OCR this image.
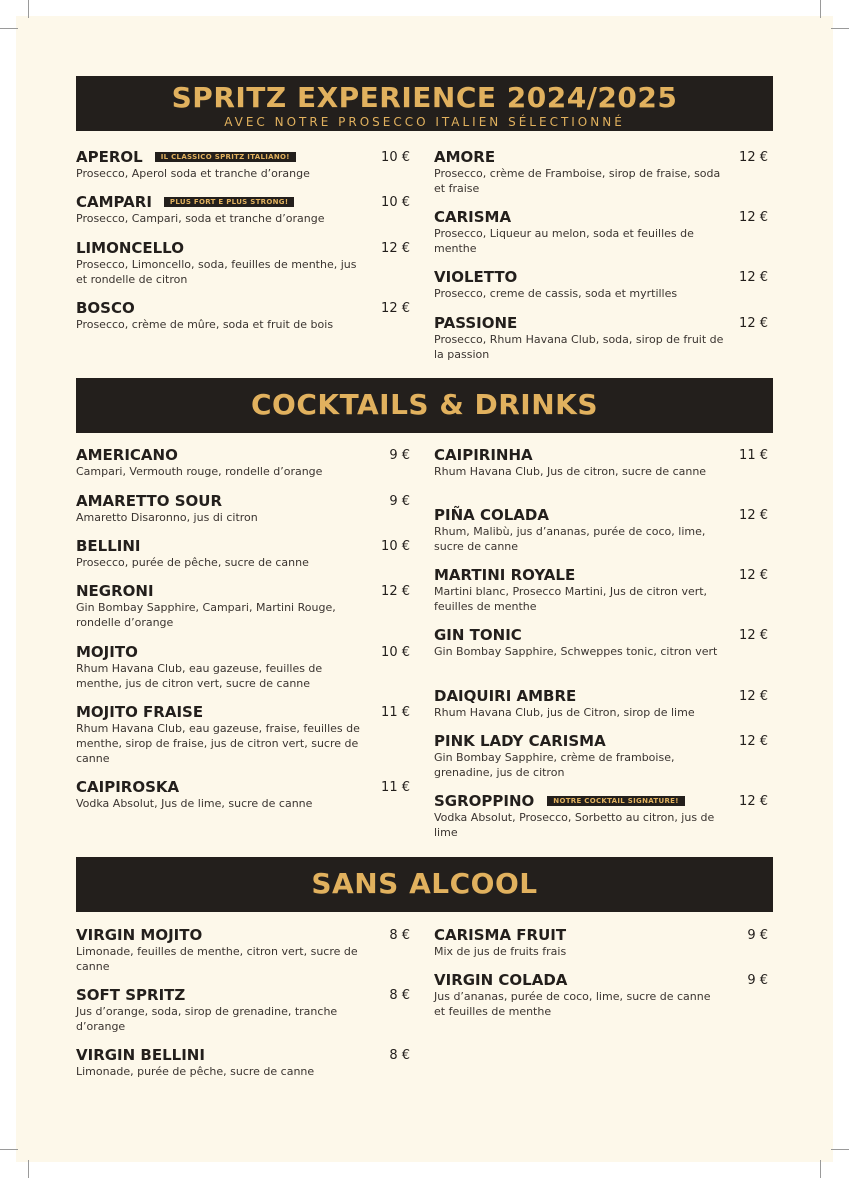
SPRITZ EXPERIENCE 2024/2025
AVEC NOTRE PROSECCO ITALIEN SÉLECTIONNÉ
APEROL	IL CLASSICO SPRITZ ITALIANO!	10 €
Prosecco, Aperol soda et tranche d’orange
CAMPARI	PLUS FORT E PLUS STRONG!	10 €
Prosecco, Campari, soda et tranche d’orange
LIMONCELLO	12 €
Prosecco, Limoncello, soda, feuilles de menthe, jus et rondelle de citron
BOSCO	12 €
Prosecco, crème de mûre, soda et fruit de bois
AMORE	12 €
Prosecco, crème de Framboise, sirop de fraise, soda et fraise
CARISMA	12 €
Prosecco, Liqueur au melon, soda et feuilles de menthe
VIOLETTO	12 €
Prosecco, creme de cassis, soda et myrtilles
PASSIONE	12 €
Prosecco, Rhum Havana Club, soda, sirop de fruit de la passion
COCKTAILS & DRINKS
AMERICANO	9 €
Campari, Vermouth rouge, rondelle d’orange
AMARETTO SOUR	9 €
Amaretto Disaronno, jus di citron
BELLINI	10 €
Prosecco, purée de pêche, sucre de canne
NEGRONI	12 €
Gin Bombay Sapphire, Campari, Martini Rouge, rondelle d’orange
MOJITO	10 €
Rhum Havana Club, eau gazeuse, feuilles de menthe, jus de citron vert, sucre de canne
MOJITO FRAISE	11 €
Rhum Havana Club, eau gazeuse, fraise, feuilles de menthe, sirop de fraise, jus de citron vert, sucre de canne
CAIPIROSKA	11 €
Vodka Absolut, Jus de lime, sucre de canne
CAIPIRINHA	11 €
Rhum Havana Club, Jus de citron, sucre de canne
PIÑA COLADA	12 €
Rhum, Malibù, jus d’ananas, purée de coco, lime, sucre de canne
MARTINI ROYALE	12 €
Martini blanc, Prosecco Martini, Jus de citron vert, feuilles de menthe
GIN TONIC	12 €
Gin Bombay Sapphire, Schweppes tonic, citron vert
DAIQUIRI AMBRE	12 €
Rhum Havana Club, jus de Citron, sirop de lime
PINK LADY CARISMA	12 €
Gin Bombay Sapphire, crème de framboise, grenadine, jus de citron
SGROPPINO	NOTRE COCKTAIL SIGNATURE!	12 €
Vodka Absolut, Prosecco, Sorbetto au citron, jus de lime
SANS ALCOOL
VIRGIN MOJITO	8 €
Limonade, feuilles de menthe, citron vert, sucre de canne
SOFT SPRITZ	8 €
Jus d’orange, soda, sirop de grenadine, tranche d’orange
VIRGIN BELLINI	8 €
Limonade, purée de pêche, sucre de canne
CARISMA FRUIT	9 €
Mix de jus de fruits frais
VIRGIN COLADA	9 €
Jus d’ananas, purée de coco, lime, sucre de canne et feuilles de menthe
